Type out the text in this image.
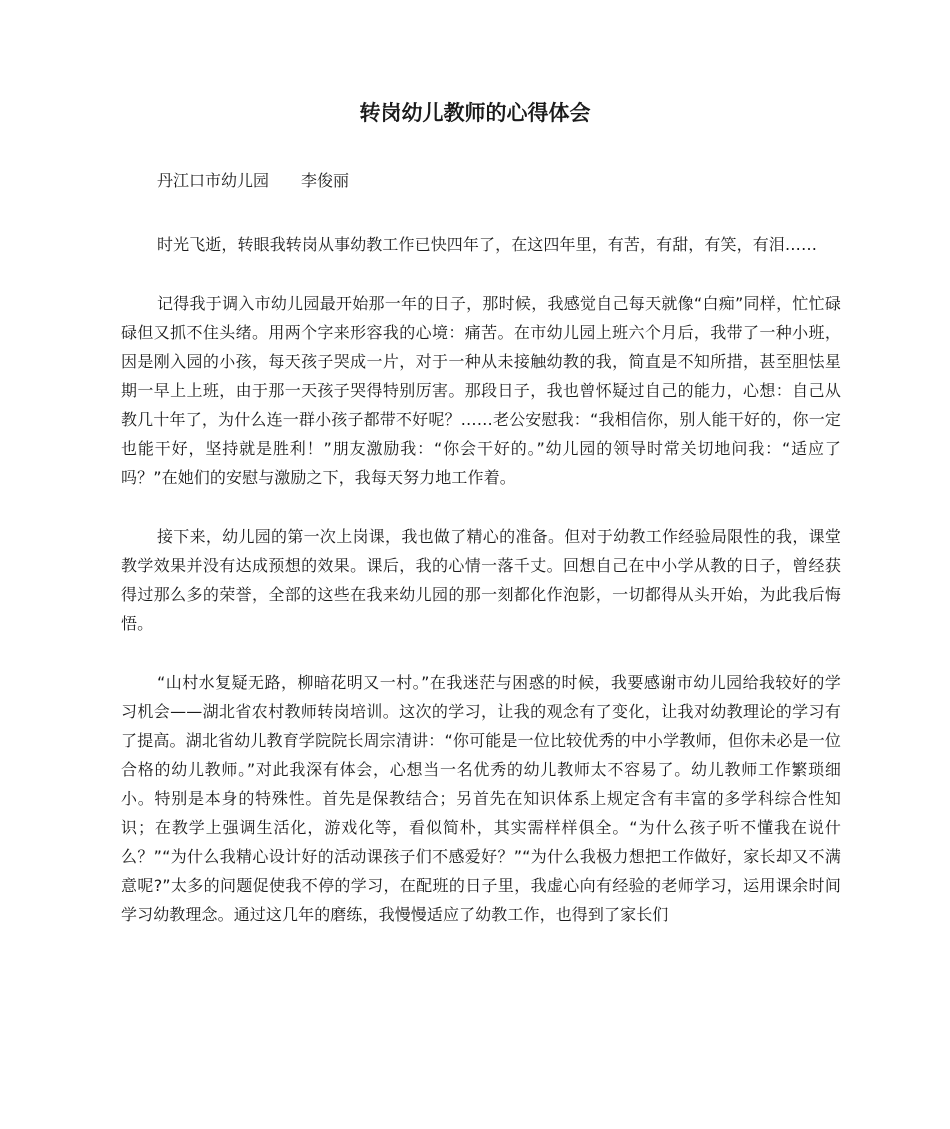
转岗幼儿教师的心得体会

丹江口市幼儿园　　李俊丽

时光飞逝，转眼我转岗从事幼教工作已快四年了，在这四年里，有苦，有甜，有笑，有泪……

记得我于调入市幼儿园最开始那一年的日子，那时候，我感觉自己每天就像“白痴”同样，忙忙碌碌但又抓不住头绪。用两个字来形容我的心境：痛苦。在市幼儿园上班六个月后，我带了一种小班，因是刚入园的小孩，每天孩子哭成一片，对于一种从未接触幼教的我，简直是不知所措，甚至胆怯星期一早上上班，由于那一天孩子哭得特别厉害。那段日子，我也曾怀疑过自己的能力，心想：自己从教几十年了，为什么连一群小孩子都带不好呢？……老公安慰我：“我相信你，别人能干好的，你一定也能干好，坚持就是胜利！”朋友激励我：“你会干好的。”幼儿园的领导时常关切地问我：“适应了吗？”在她们的安慰与激励之下，我每天努力地工作着。

接下来，幼儿园的第一次上岗课，我也做了精心的准备。但对于幼教工作经验局限性的我，课堂教学效果并没有达成预想的效果。课后，我的心情一落千丈。回想自己在中小学从教的日子，曾经获得过那么多的荣誉，全部的这些在我来幼儿园的那一刻都化作泡影，一切都得从头开始，为此我后悔悟。

“山村水复疑无路，柳暗花明又一村。”在我迷茫与困惑的时候，我要感谢市幼儿园给我较好的学习机会——湖北省农村教师转岗培训。这次的学习，让我的观念有了变化，让我对幼教理论的学习有了提高。湖北省幼儿教育学院院长周宗清讲：“你可能是一位比较优秀的中小学教师，但你未必是一位合格的幼儿教师。”对此我深有体会，心想当一名优秀的幼儿教师太不容易了。幼儿教师工作繁琐细小。特别是本身的特殊性。首先是保教结合；另首先在知识体系上规定含有丰富的多学科综合性知识；在教学上强调生活化，游戏化等，看似简朴，其实需样样俱全。“为什么孩子听不懂我在说什么？”“为什么我精心设计好的活动课孩子们不感爱好？”“为什么我极力想把工作做好，家长却又不满意呢?”太多的问题促使我不停的学习，在配班的日子里，我虚心向有经验的老师学习，运用课余时间学习幼教理念。通过这几年的磨练，我慢慢适应了幼教工作，也得到了家长们
